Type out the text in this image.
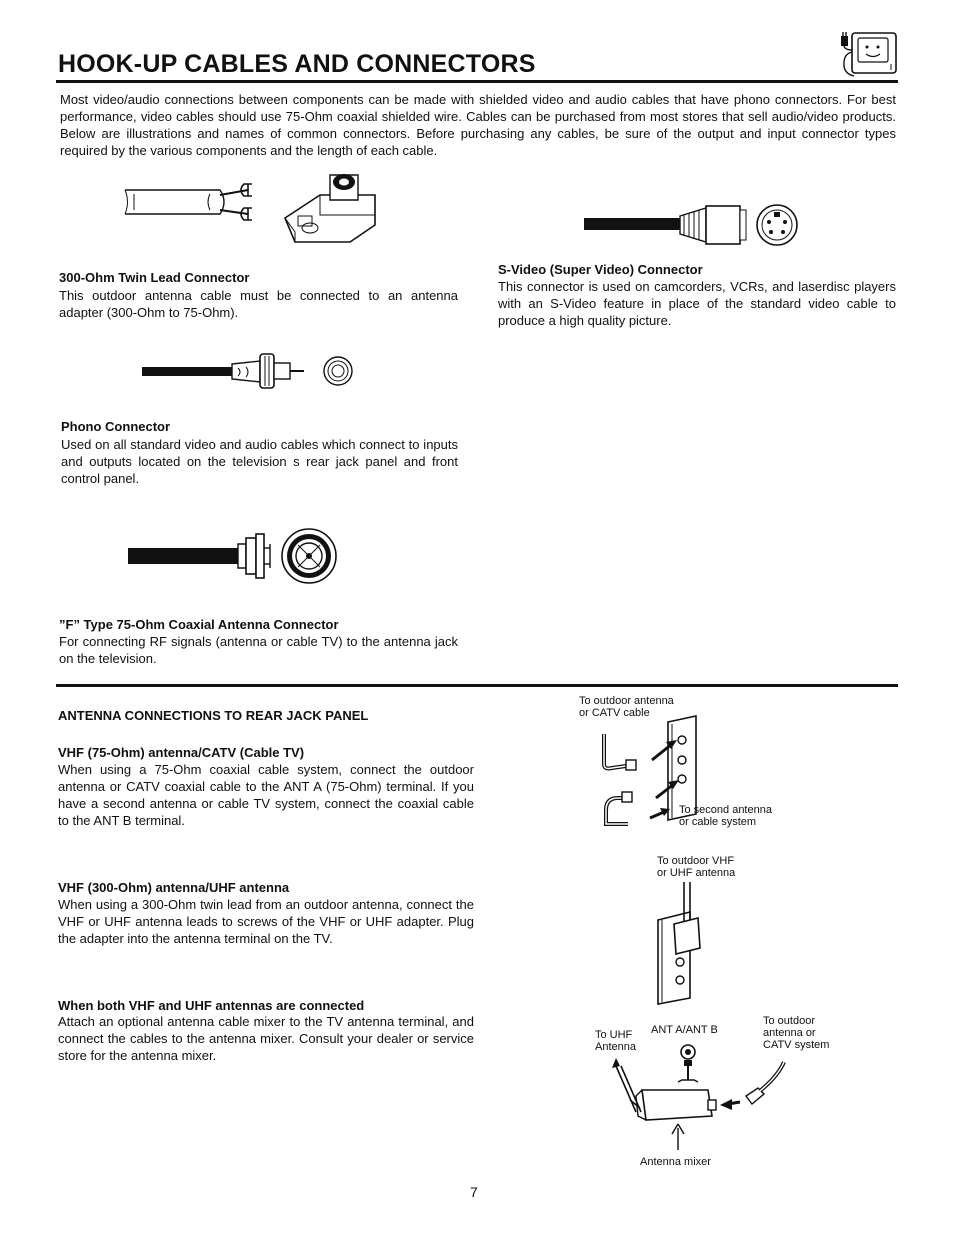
HOOK-UP CABLES AND CONNECTORS
Most video/audio connections between components can be made with shielded video and audio cables that have phono connectors. For best performance, video cables should use 75-Ohm coaxial shielded wire. Cables can be purchased from most stores that sell audio/video products. Below are illustrations and names of common connectors. Before purchasing any cables, be sure of the output and input connector types required by the various components and the length of each cable.
300-Ohm Twin Lead Connector
This outdoor antenna cable must be connected to an antenna adapter (300-Ohm to 75-Ohm).
S-Video (Super Video) Connector
This connector is used on camcorders, VCRs, and laserdisc players with an S-Video feature in place of the standard video cable to produce a high quality picture.
Phono Connector
Used on all standard video and audio cables which connect to inputs and outputs located on the television s rear jack panel and front control panel.
”F” Type 75-Ohm Coaxial Antenna Connector
For connecting RF signals (antenna or cable TV) to the antenna jack on the television.
ANTENNA CONNECTIONS TO REAR JACK PANEL
VHF (75-Ohm) antenna/CATV (Cable TV)
When using a 75-Ohm coaxial cable system, connect the outdoor antenna or CATV coaxial cable to the ANT A (75-Ohm) terminal. If you have a second antenna or cable TV system, connect the coaxial cable to the ANT B terminal.
VHF (300-Ohm) antenna/UHF antenna
When using a 300-Ohm twin lead from an outdoor antenna, connect the VHF or UHF antenna leads to screws of the VHF or UHF adapter. Plug the adapter into the antenna terminal on the TV.
When both VHF and UHF antennas are connected
Attach an optional antenna cable mixer to the TV antenna terminal, and connect the cables to the antenna mixer. Consult your dealer or service store for the antenna mixer.
To outdoor antenna
or CATV cable
To second antenna
or cable system
To outdoor VHF
or UHF antenna
To UHF
Antenna
ANT A/ANT B
To outdoor
antenna or
CATV system
Antenna mixer
7
